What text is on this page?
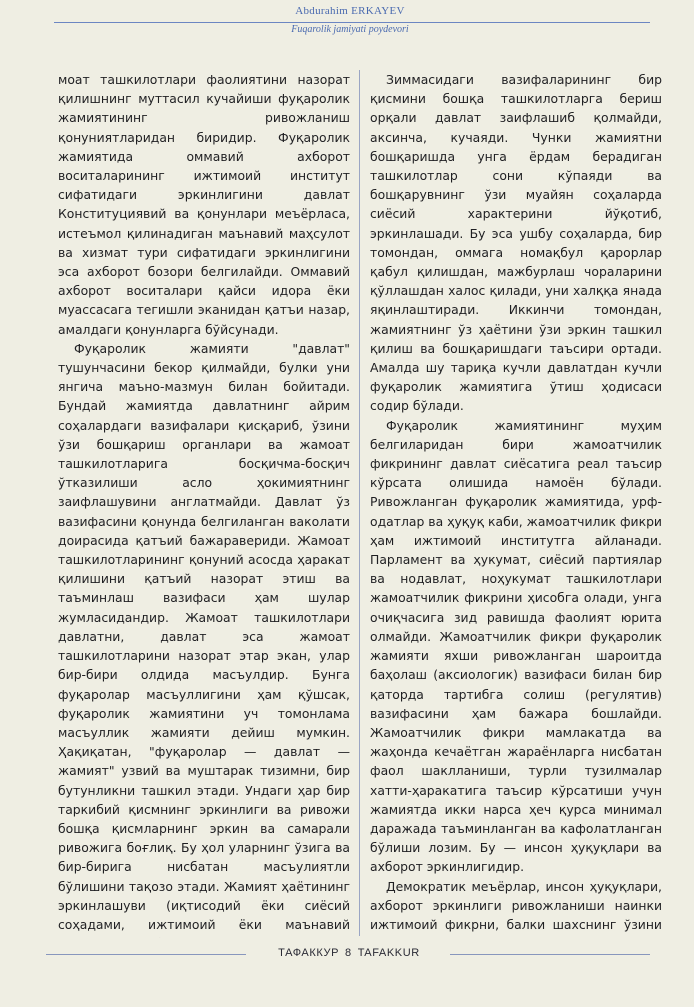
Abdurahim ERKAYEV
Fuqarolik jamiyati poydevori

моат ташкилотлари фаолиятини назорат қилишнинг муттасил кучайиши фуқаролик жамиятининг ривожланиш қонуниятларидан биридир. Фуқаролик жамиятида оммавий ахборот воситаларининг ижтимоий институт сифатидаги эркинлигини давлат Конституциявий ва қонунлари меъёрласа, истеъмол қилинадиган маънавий маҳсулот ва хизмат тури сифатидаги эркинлигини эса ахборот бозори белгилайди. Оммавий ахборот воситалари қайси идора ёки муассасага тегишли эканидан қатъи назар, амалдаги қонунларга бўйсунади.

Фуқаролик жамияти "давлат" тушунчасини бекор қилмайди, булки уни янгича маъно-мазмун билан бойитади. Бундай жамиятда давлатнинг айрим соҳалардаги вазифалари қисқариб, ўзини ўзи бошқариш органлари ва жамоат ташкилотларига босқичма-босқич ўтказилиши асло ҳокимиятнинг заифлашувини англатмайди. Давлат ўз вазифасини қонунда белгиланган ваколати доирасида қатъий бажаравериди. Жамоат ташкилотларининг қонуний асосда ҳаракат қилишини қатъий назорат этиш ва таъминлаш вазифаси ҳам шулар жумласидандир. Жамоат ташкилотлари давлатни, давлат эса жамоат ташкилотларини назорат этар экан, улар бир-бири олдида масъулдир. Бунга фуқаролар масъуллигини ҳам қўшсак, фуқаролик жамиятини уч томонлама масъуллик жамияти дейиш мумкин. Ҳақиқатан, "фуқаролар — давлат — жамият" узвий ва муштарак тизимни, бир бутунликни ташкил этади. Ундаги ҳар бир таркибий қисмнинг эркинлиги ва ривожи бошқа қисмларнинг эркин ва самарали ривожига боғлиқ. Бу ҳол уларнинг ўзига ва бир-бирига нисбатан масъулиятли бўлишини тақозо этади. Жамият ҳаётининг эркинлашуви (иқтисодий ёки сиёсий соҳадами, ижтимоий ёки маънавий

Зиммасидаги вазифаларининг бир қисмини бошқа ташкилотларга бериш орқали давлат заифлашиб қолмайди, аксинча, кучаяди. Чунки жамиятни бошқаришда унга ёрдам берадиган ташкилотлар сони кўпаяди ва бошқарувнинг ўзи муайян соҳаларда сиёсий характерини йўқотиб, эркинлашади. Бу эса ушбу соҳаларда, бир томондан, оммага номақбул қарорлар қабул қилишдан, мажбурлаш чораларини қўллашдан халос қилади, уни халққа янада яқинлаштиради. Иккинчи томондан, жамиятнинг ўз ҳаётини ўзи эркин ташкил қилиш ва бошқаришдаги таъсири ортади. Амалда шу тариқа кучли давлатдан кучли фуқаролик жамиятига ўтиш ҳодисаси содир бўлади.

Фуқаролик жамиятининг муҳим белгиларидан бири жамоатчилик фикрининг давлат сиёсатига реал таъсир кўрсата олишида намоён бўлади. Ривожланган фуқаролик жамиятида, урф-одатлар ва ҳуқуқ каби, жамоатчилик фикри ҳам ижтимоий институтга айланади. Парламент ва ҳукумат, сиёсий партиялар ва нодавлат, ноҳукумат ташкилотлари жамоатчилик фикрини ҳисобга олади, унга очиқчасига зид равишда фаолият юрита олмайди. Жамоатчилик фикри фуқаролик жамияти яхши ривожланган шароитда баҳолаш (аксиологик) вазифаси билан бир қаторда тартибга солиш (регулятив) вазифасини ҳам бажара бошлайди. Жамоатчилик фикри мамлакатда ва жаҳонда кечаётган жараёнларга нисбатан фаол шаклланиши, турли тузилмалар хатти-ҳаракатига таъсир кўрсатиши учун жамиятда икки нарса ҳеч қурса минимал даражада таъминланган ва кафолатланган бўлиши лозим. Бу — инсон ҳуқуқлари ва ахборот эркинлигидир.

Демократик меъёрлар, инсон ҳуқуқлари, ахборот эркинлиги ривожланиши наинки ижтимоий фикрни, балки шахснинг ўзини

ТАФАККУР 8 TAFAKKUR
